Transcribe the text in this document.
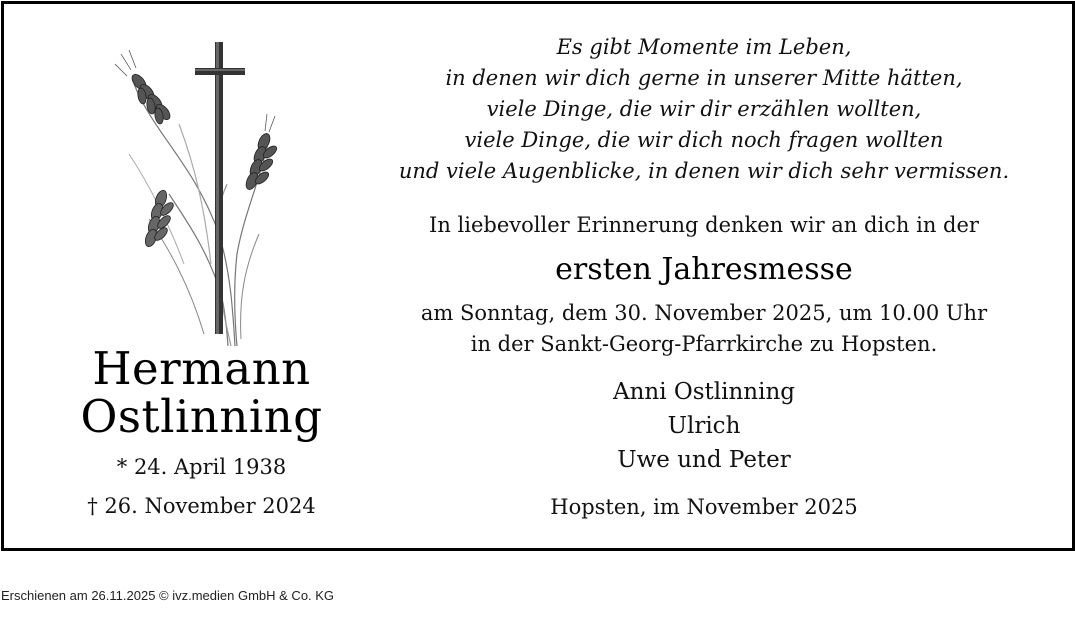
Hermann
Ostlinning
* 24. April 1938
† 26. November 2024
Es gibt Momente im Leben,
in denen wir dich gerne in unserer Mitte hätten,
viele Dinge, die wir dir erzählen wollten,
viele Dinge, die wir dich noch fragen wollten
und viele Augenblicke, in denen wir dich sehr vermissen.
In liebevoller Erinnerung denken wir an dich in der
ersten Jahresmesse
am Sonntag, dem 30. November 2025, um 10.00 Uhr
in der Sankt-Georg-Pfarrkirche zu Hopsten.
Anni Ostlinning
Ulrich
Uwe und Peter
Hopsten, im November 2025
Erschienen am 26.11.2025 © ivz.medien GmbH & Co. KG
